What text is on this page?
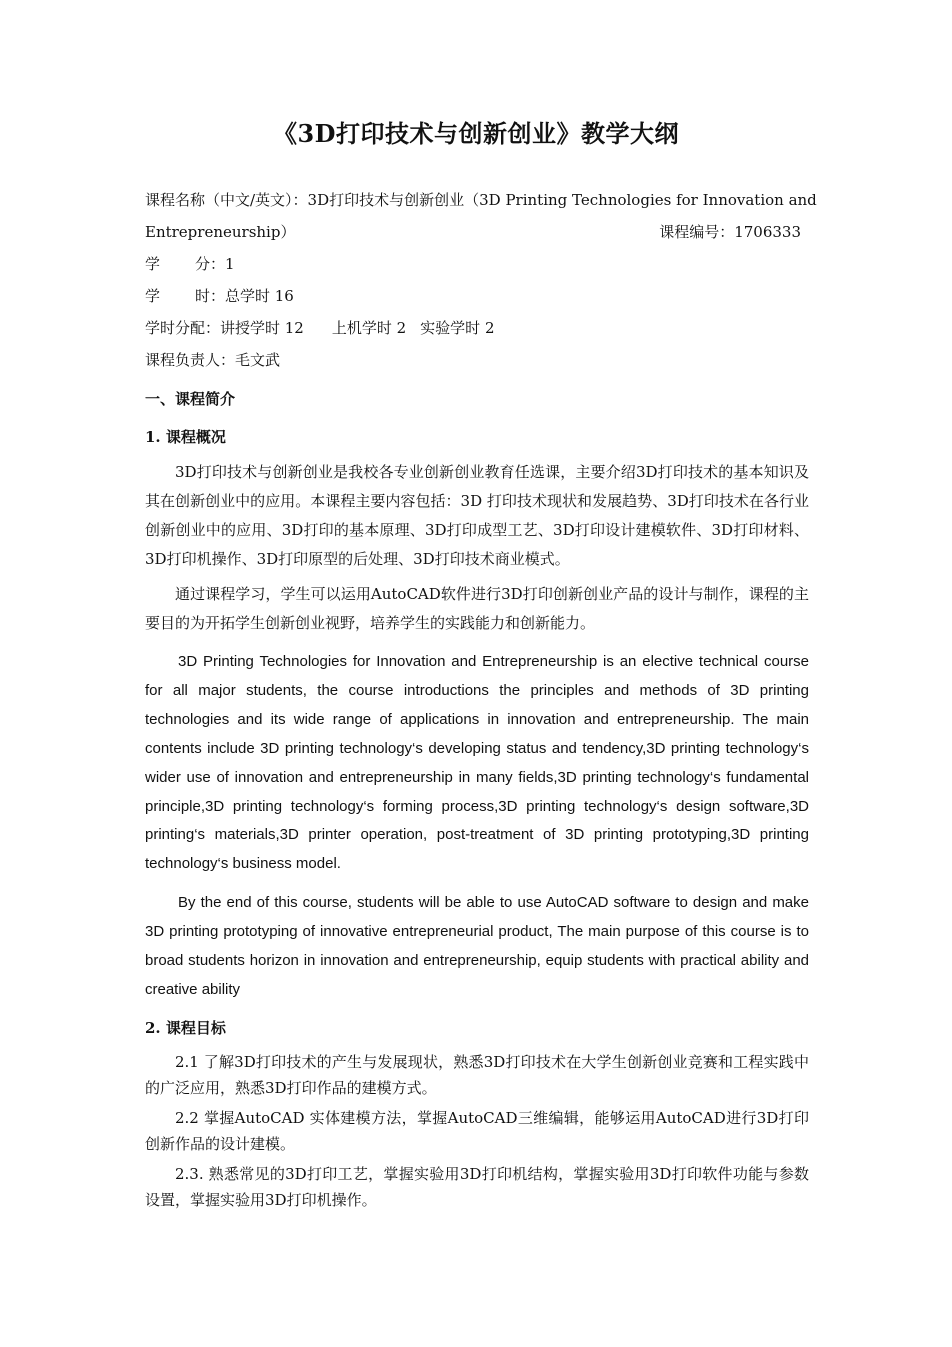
《3D打印技术与创新创业》教学大纲
课程名称（中文/英文）：3D打印技术与创新创业（3D Printing Technologies for Innovation and
Entrepreneurship）	课程编号：1706333
学 分：1
学 时：总学时 16
学时分配：讲授学时 12 上机学时 2 实验学时 2
课程负责人：毛文武
一、课程简介
1. 课程概况

3D打印技术与创新创业是我校各专业创新创业教育任选课，主要介绍3D打印技术的基本知识及其在创新创业中的应用。本课程主要内容包括：3D 打印技术现状和发展趋势、3D打印技术在各行业创新创业中的应用、3D打印的基本原理、3D打印成型工艺、3D打印设计建模软件、3D打印材料、3D打印机操作、3D打印原型的后处理、3D打印技术商业模式。

通过课程学习，学生可以运用AutoCAD软件进行3D打印创新创业产品的设计与制作，课程的主要目的为开拓学生创新创业视野，培养学生的实践能力和创新能力。

3D Printing Technologies for Innovation and Entrepreneurship is an elective technical course for all major students, the course introductions the principles and methods of 3D printing technologies and its wide range of applications in innovation and entrepreneurship. The main contents include 3D printing technology‘s developing status and tendency,3D printing technology‘s wider use of innovation and entrepreneurship in many fields,3D printing technology‘s fundamental principle,3D printing technology‘s forming process,3D printing technology‘s design software,3D printing‘s materials,3D printer operation, post-treatment of 3D printing prototyping,3D printing technology‘s business model.

By the end of this course, students will be able to use AutoCAD software to design and make 3D printing prototyping of innovative entrepreneurial product, The main purpose of this course is to broad students horizon in innovation and entrepreneurship, equip students with practical ability and creative ability

2. 课程目标

2.1 了解3D打印技术的产生与发展现状，熟悉3D打印技术在大学生创新创业竞赛和工程实践中的广泛应用，熟悉3D打印作品的建模方式。

2.2 掌握AutoCAD 实体建模方法，掌握AutoCAD三维编辑，能够运用AutoCAD进行3D打印创新作品的设计建模。

2.3. 熟悉常见的3D打印工艺，掌握实验用3D打印机结构，掌握实验用3D打印软件功能与参数设置，掌握实验用3D打印机操作。
